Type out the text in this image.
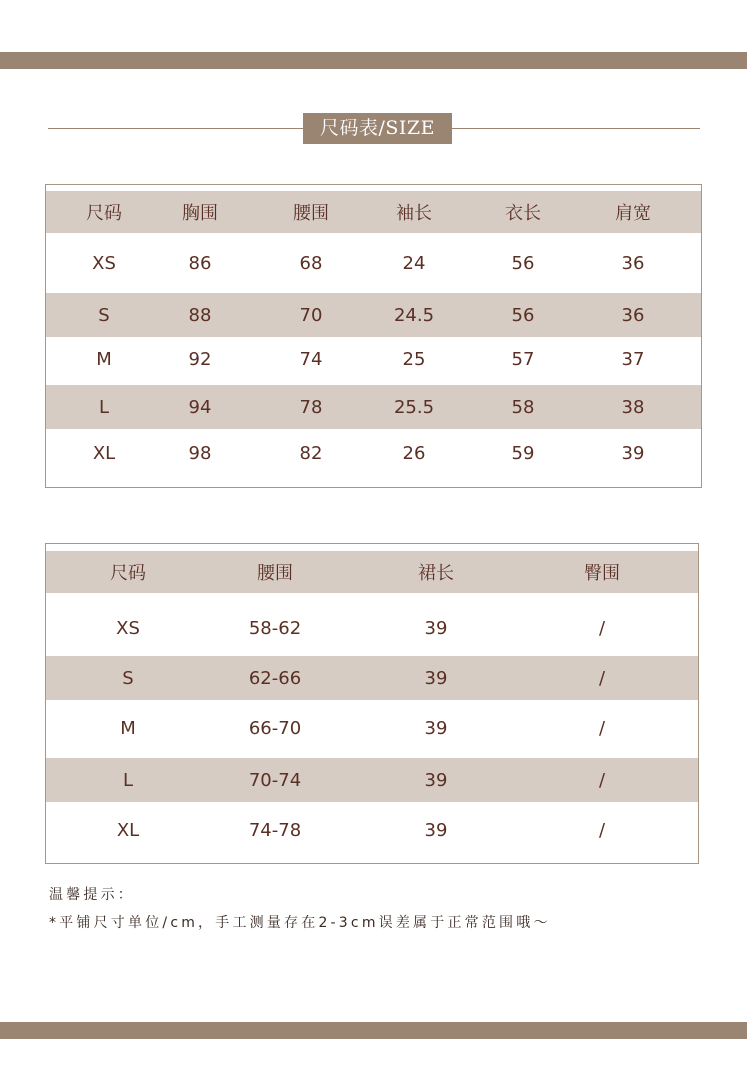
尺码表/SIZE
尺码	胸围	腰围	袖长	衣长	肩宽
XS	86	68	24	56	36
S	88	70	24.5	56	36
M	92	74	25	57	37
L	94	78	25.5	58	38
XL	98	82	26	59	39
尺码	腰围	裙长	臀围
XS	58-62	39	/
S	62-66	39	/
M	66-70	39	/
L	70-74	39	/
XL	74-78	39	/
温馨提示：
*平铺尺寸单位/cm，手工测量存在2-3cm误差属于正常范围哦～
